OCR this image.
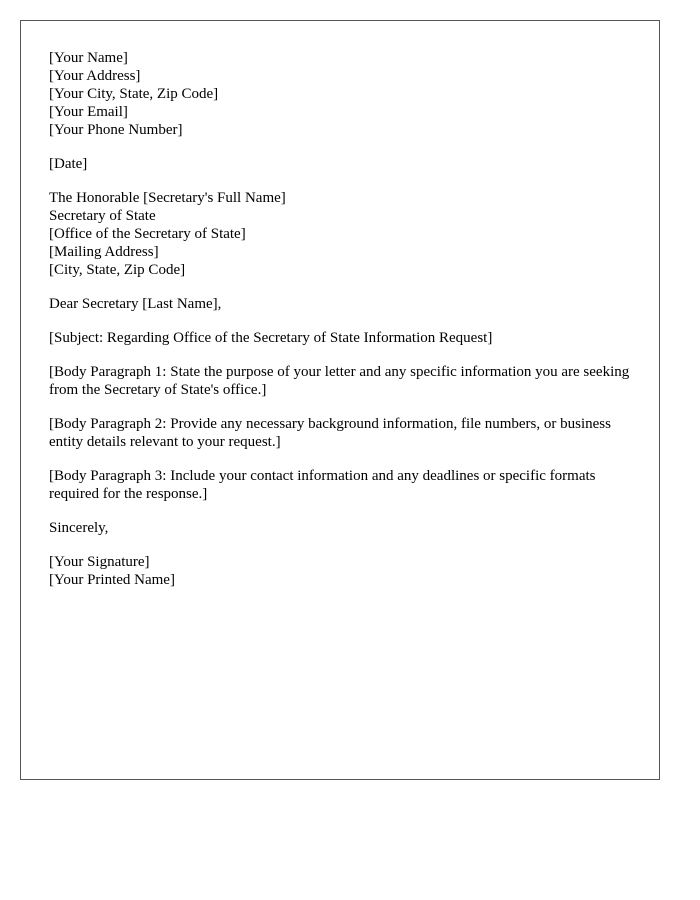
[Your Name]
[Your Address]
[Your City, State, Zip Code]
[Your Email]
[Your Phone Number]
[Date]
The Honorable [Secretary's Full Name]
Secretary of State
[Office of the Secretary of State]
[Mailing Address]
[City, State, Zip Code]
Dear Secretary [Last Name],
[Subject: Regarding Office of the Secretary of State Information Request]

[Body Paragraph 1: State the purpose of your letter and any specific information you are seeking from the Secretary of State's office.]

[Body Paragraph 2: Provide any necessary background information, file numbers, or business entity details relevant to your request.]

[Body Paragraph 3: Include your contact information and any deadlines or specific formats required for the response.]

Sincerely,
[Your Signature]
[Your Printed Name]
